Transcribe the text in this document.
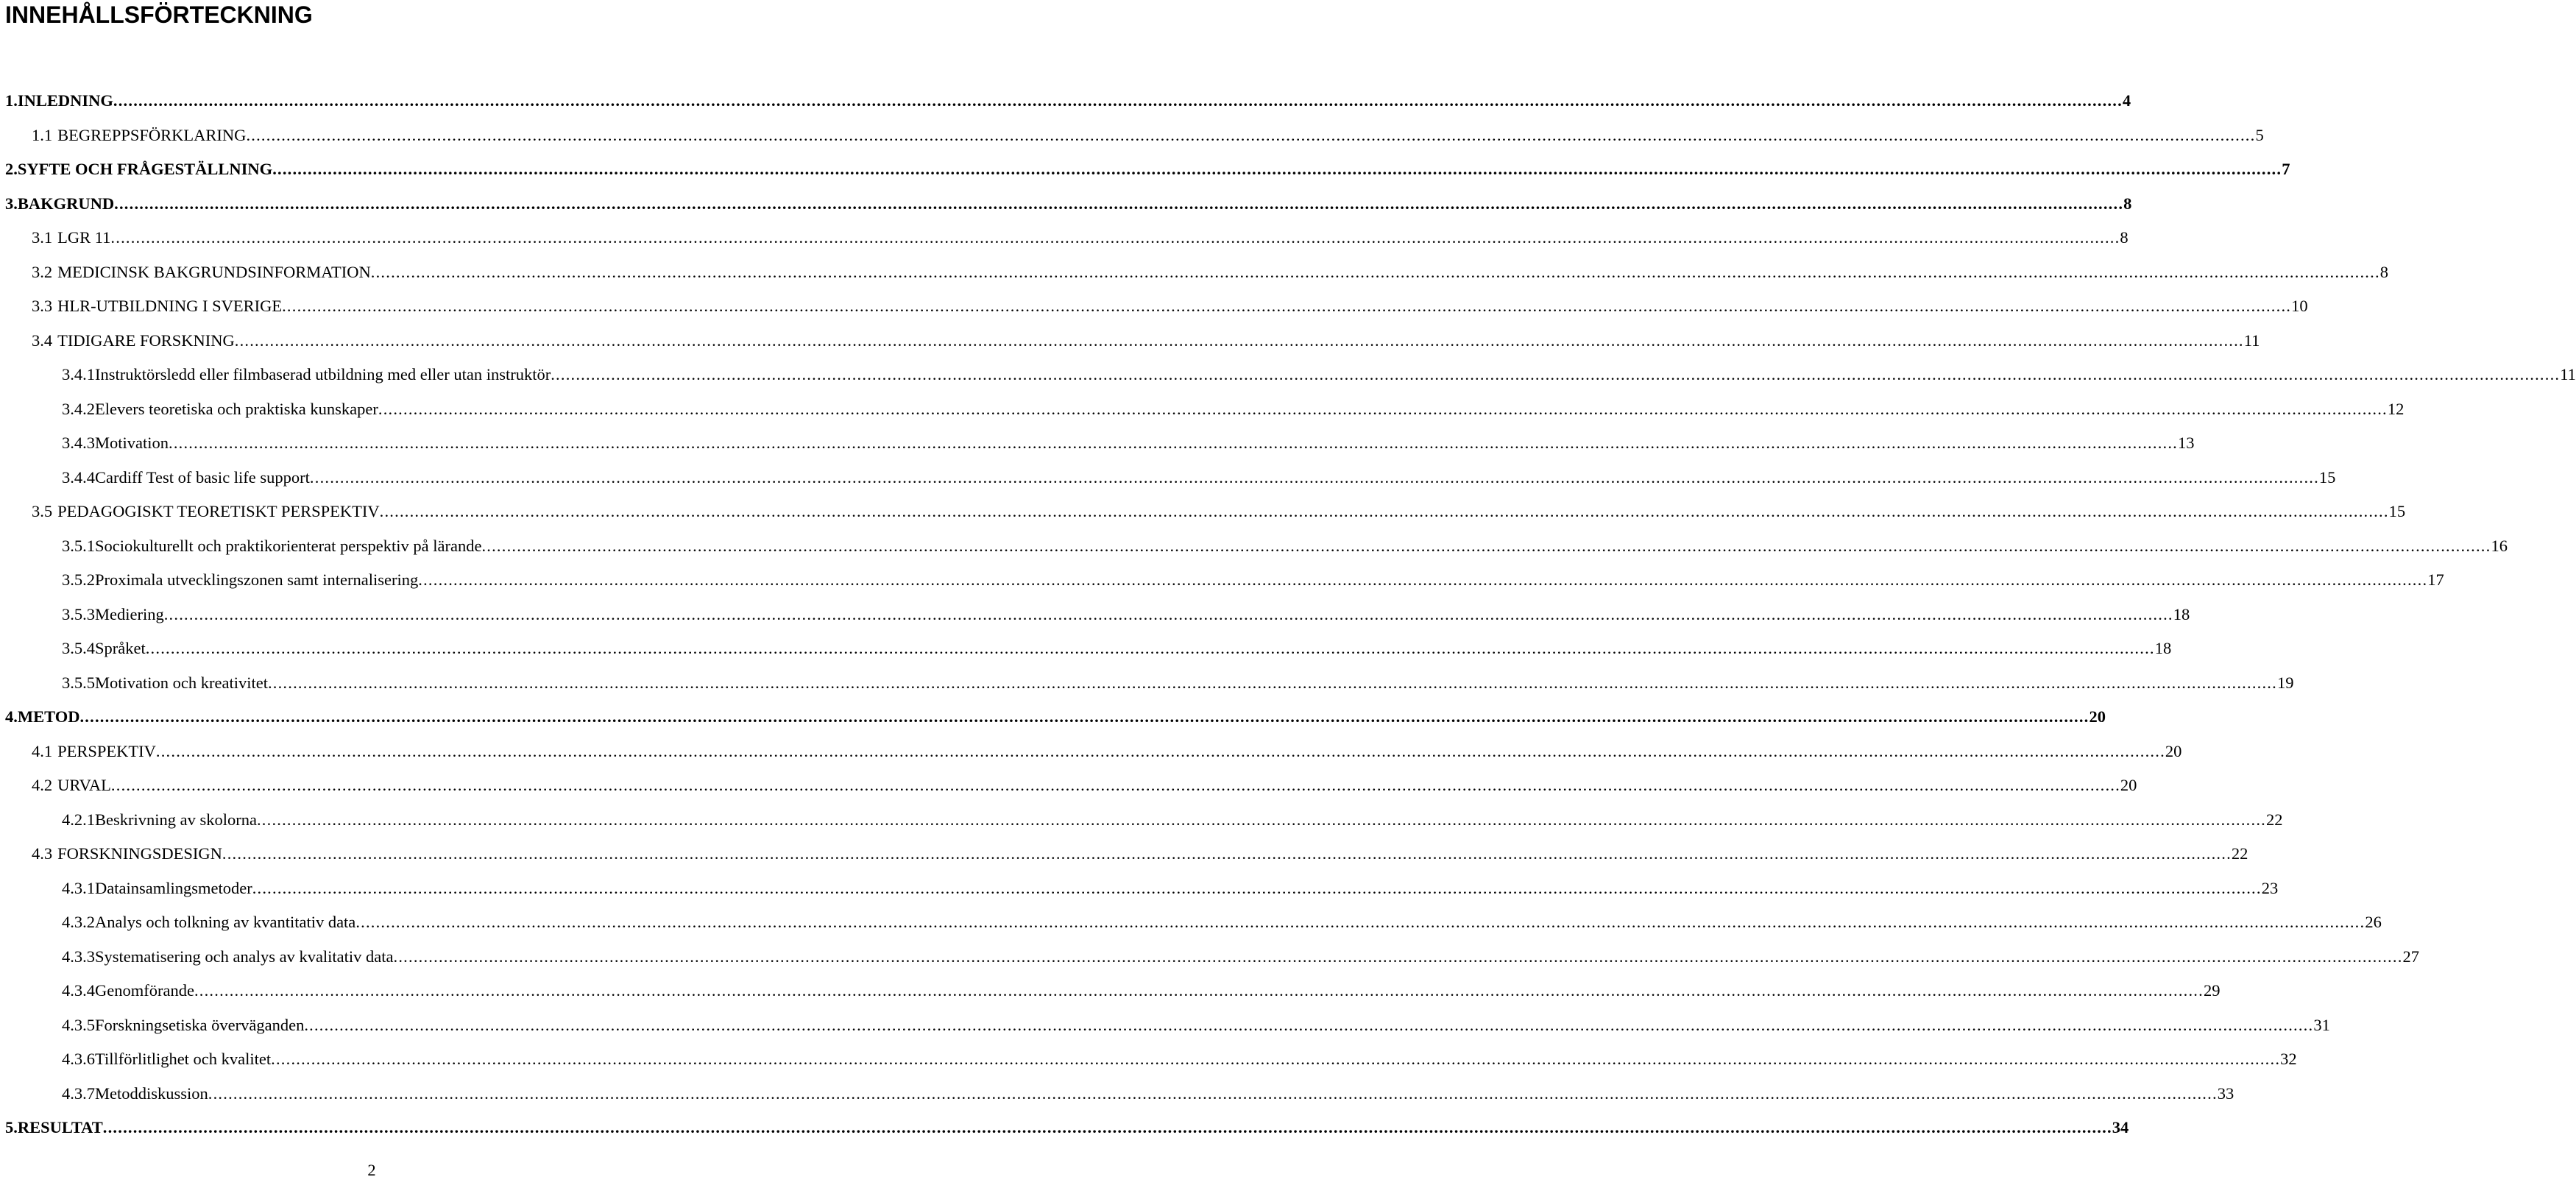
INNEHÅLLSFÖRTECKNING
1. INLEDNING ................................................................................................................................................................................................................................................................................................................................................................................................................ 4
1.1 BEGREPPSFÖRKLARING ................................................................................................................................................................................................................................................................................................................................................................................................................ 5
2. SYFTE OCH FRÅGESTÄLLNING ................................................................................................................................................................................................................................................................................................................................................................................................................ 7
3. BAKGRUND ................................................................................................................................................................................................................................................................................................................................................................................................................ 8
3.1 LGR 11 ................................................................................................................................................................................................................................................................................................................................................................................................................ 8
3.2 MEDICINSK BAKGRUNDSINFORMATION ................................................................................................................................................................................................................................................................................................................................................................................................................ 8
3.3 HLR-UTBILDNING I SVERIGE ................................................................................................................................................................................................................................................................................................................................................................................................................ 10
3.4 TIDIGARE FORSKNING ................................................................................................................................................................................................................................................................................................................................................................................................................ 11
3.4.1 Instruktörsledd eller filmbaserad utbildning med eller utan instruktör ................................................................................................................................................................................................................................................................................................................................................................................................................ 11
3.4.2 Elevers teoretiska och praktiska kunskaper ................................................................................................................................................................................................................................................................................................................................................................................................................ 12
3.4.3 Motivation ................................................................................................................................................................................................................................................................................................................................................................................................................ 13
3.4.4 Cardiff Test of basic life support ................................................................................................................................................................................................................................................................................................................................................................................................................ 15
3.5 PEDAGOGISKT TEORETISKT PERSPEKTIV ................................................................................................................................................................................................................................................................................................................................................................................................................ 15
3.5.1 Sociokulturellt och praktikorienterat perspektiv på lärande ................................................................................................................................................................................................................................................................................................................................................................................................................ 16
3.5.2 Proximala utvecklingszonen samt internalisering ................................................................................................................................................................................................................................................................................................................................................................................................................ 17
3.5.3 Mediering ................................................................................................................................................................................................................................................................................................................................................................................................................ 18
3.5.4 Språket ................................................................................................................................................................................................................................................................................................................................................................................................................ 18
3.5.5 Motivation och kreativitet ................................................................................................................................................................................................................................................................................................................................................................................................................ 19
4. METOD ................................................................................................................................................................................................................................................................................................................................................................................................................ 20
4.1 PERSPEKTIV ................................................................................................................................................................................................................................................................................................................................................................................................................ 20
4.2 URVAL ................................................................................................................................................................................................................................................................................................................................................................................................................ 20
4.2.1 Beskrivning av skolorna ................................................................................................................................................................................................................................................................................................................................................................................................................ 22
4.3 FORSKNINGSDESIGN ................................................................................................................................................................................................................................................................................................................................................................................................................ 22
4.3.1 Datainsamlingsmetoder ................................................................................................................................................................................................................................................................................................................................................................................................................ 23
4.3.2 Analys och tolkning av kvantitativ data ................................................................................................................................................................................................................................................................................................................................................................................................................ 26
4.3.3 Systematisering och analys av kvalitativ data ................................................................................................................................................................................................................................................................................................................................................................................................................ 27
4.3.4 Genomförande ................................................................................................................................................................................................................................................................................................................................................................................................................ 29
4.3.5 Forskningsetiska överväganden ................................................................................................................................................................................................................................................................................................................................................................................................................ 31
4.3.6 Tillförlitlighet och kvalitet ................................................................................................................................................................................................................................................................................................................................................................................................................ 32
4.3.7 Metoddiskussion ................................................................................................................................................................................................................................................................................................................................................................................................................ 33
5. RESULTAT ................................................................................................................................................................................................................................................................................................................................................................................................................ 34
2
